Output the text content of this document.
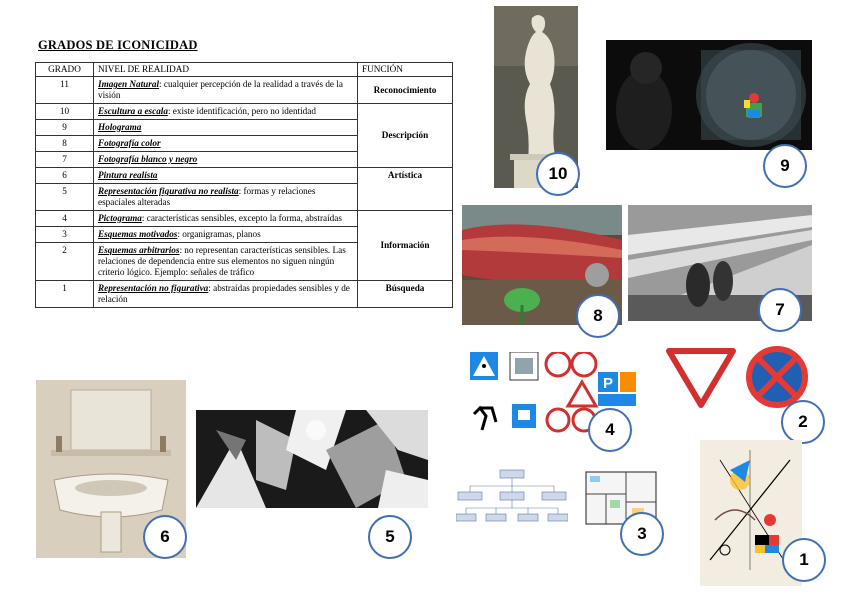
GRADOS DE ICONICIDAD
GRADO	NIVEL DE REALIDAD	FUNCIÓN
11	Imagen Natural: cualquier percepción de la realidad a través de la visión	Reconocimiento
10	Escultura a escala: existe identificación, pero no identidad	Descripción
9	Holograma	
8	Fotografía color	
7	Fotografía blanco y negro	
6	Pintura realista	Artística
5	Representación figurativa no realista: formas y relaciones espaciales alteradas	
4	Pictograma: características sensibles, excepto la forma, abstraídas	Información
3	Esquemas motivados: organigramas, planos	
2	Esquemas arbitrarios: no representan características sensibles. Las relaciones de dependencia entre sus elementos no siguen ningún criterio lógico. Ejemplo: señales de tráfico	
1	Representación no figurativa: abstraídas propiedades sensibles y de relación	Búsqueda
10	9
8	7
P
4	2
6	5	3
1
